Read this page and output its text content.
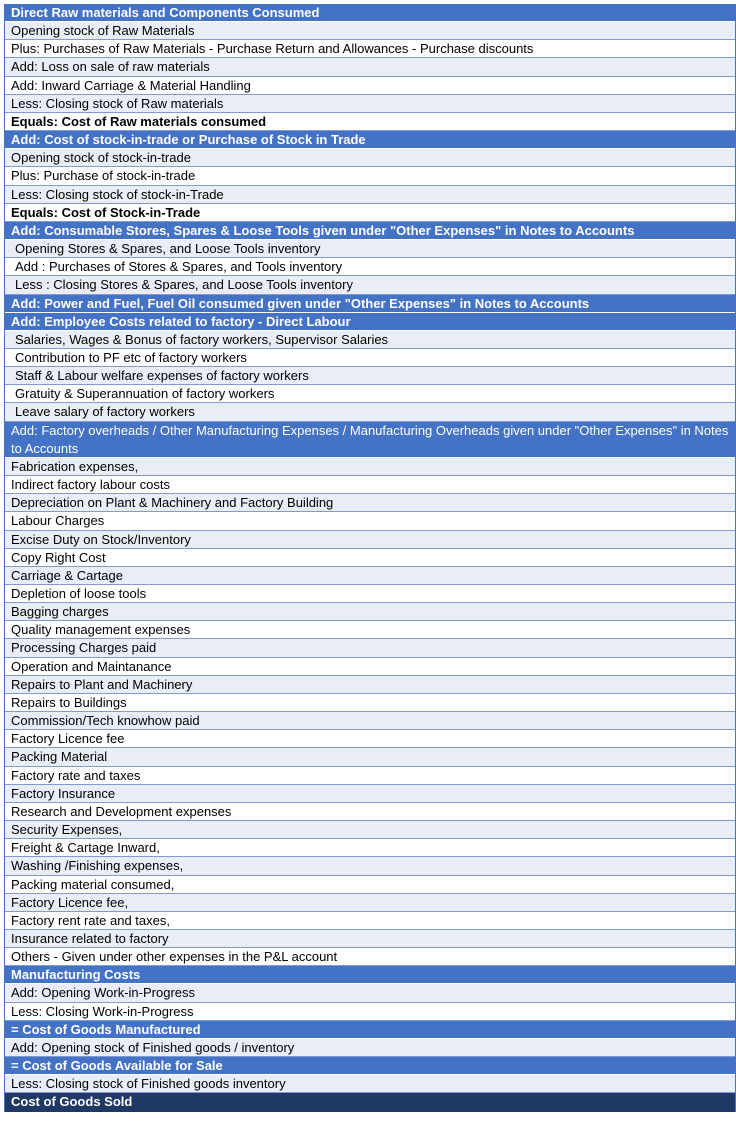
Direct Raw materials and Components Consumed
Opening stock of Raw Materials
Plus: Purchases of Raw Materials - Purchase Return and Allowances - Purchase discounts
Add: Loss on sale of raw materials
Add: Inward Carriage & Material Handling
Less: Closing stock of Raw materials
Equals: Cost of Raw materials consumed
Add: Cost of stock-in-trade or Purchase of Stock in Trade
Opening stock of stock-in-trade
Plus: Purchase of stock-in-trade
Less: Closing stock of stock-in-Trade
Equals: Cost of Stock-in-Trade
Add: Consumable Stores, Spares & Loose Tools given under "Other Expenses" in Notes to Accounts
Opening Stores & Spares, and Loose Tools inventory
Add : Purchases of Stores & Spares, and Tools inventory
Less : Closing Stores & Spares, and Loose Tools inventory
Add: Power and Fuel, Fuel Oil consumed given under "Other Expenses" in Notes to Accounts
Add: Employee Costs related to factory - Direct Labour
Salaries, Wages & Bonus of factory workers, Supervisor Salaries
Contribution to PF etc of factory workers
Staff & Labour welfare expenses of factory workers
Gratuity & Superannuation of factory workers
Leave salary of factory workers
Add: Factory overheads / Other Manufacturing Expenses / Manufacturing Overheads given under "Other Expenses" in Notes to Accounts
Fabrication expenses,
Indirect factory labour costs
Depreciation on Plant & Machinery and Factory Building
Labour Charges
Excise Duty on Stock/Inventory
Copy Right Cost
Carriage & Cartage
Depletion of loose tools
Bagging charges
Quality management expenses
Processing Charges paid
Operation and Maintanance
Repairs to Plant and Machinery
Repairs to Buildings
Commission/Tech knowhow paid
Factory Licence fee
Packing Material
Factory rate and taxes
Factory Insurance
Research and Development expenses
Security Expenses,
Freight & Cartage Inward,
Washing /Finishing expenses,
Packing material consumed,
Factory Licence fee,
Factory rent rate and taxes,
Insurance related to factory
Others - Given under other expenses in the P&L account
Manufacturing Costs
Add: Opening Work-in-Progress
Less: Closing Work-in-Progress
= Cost of Goods Manufactured
Add: Opening stock of Finished goods / inventory
= Cost of Goods Available for Sale
Less: Closing stock of Finished goods inventory
Cost of Goods Sold
